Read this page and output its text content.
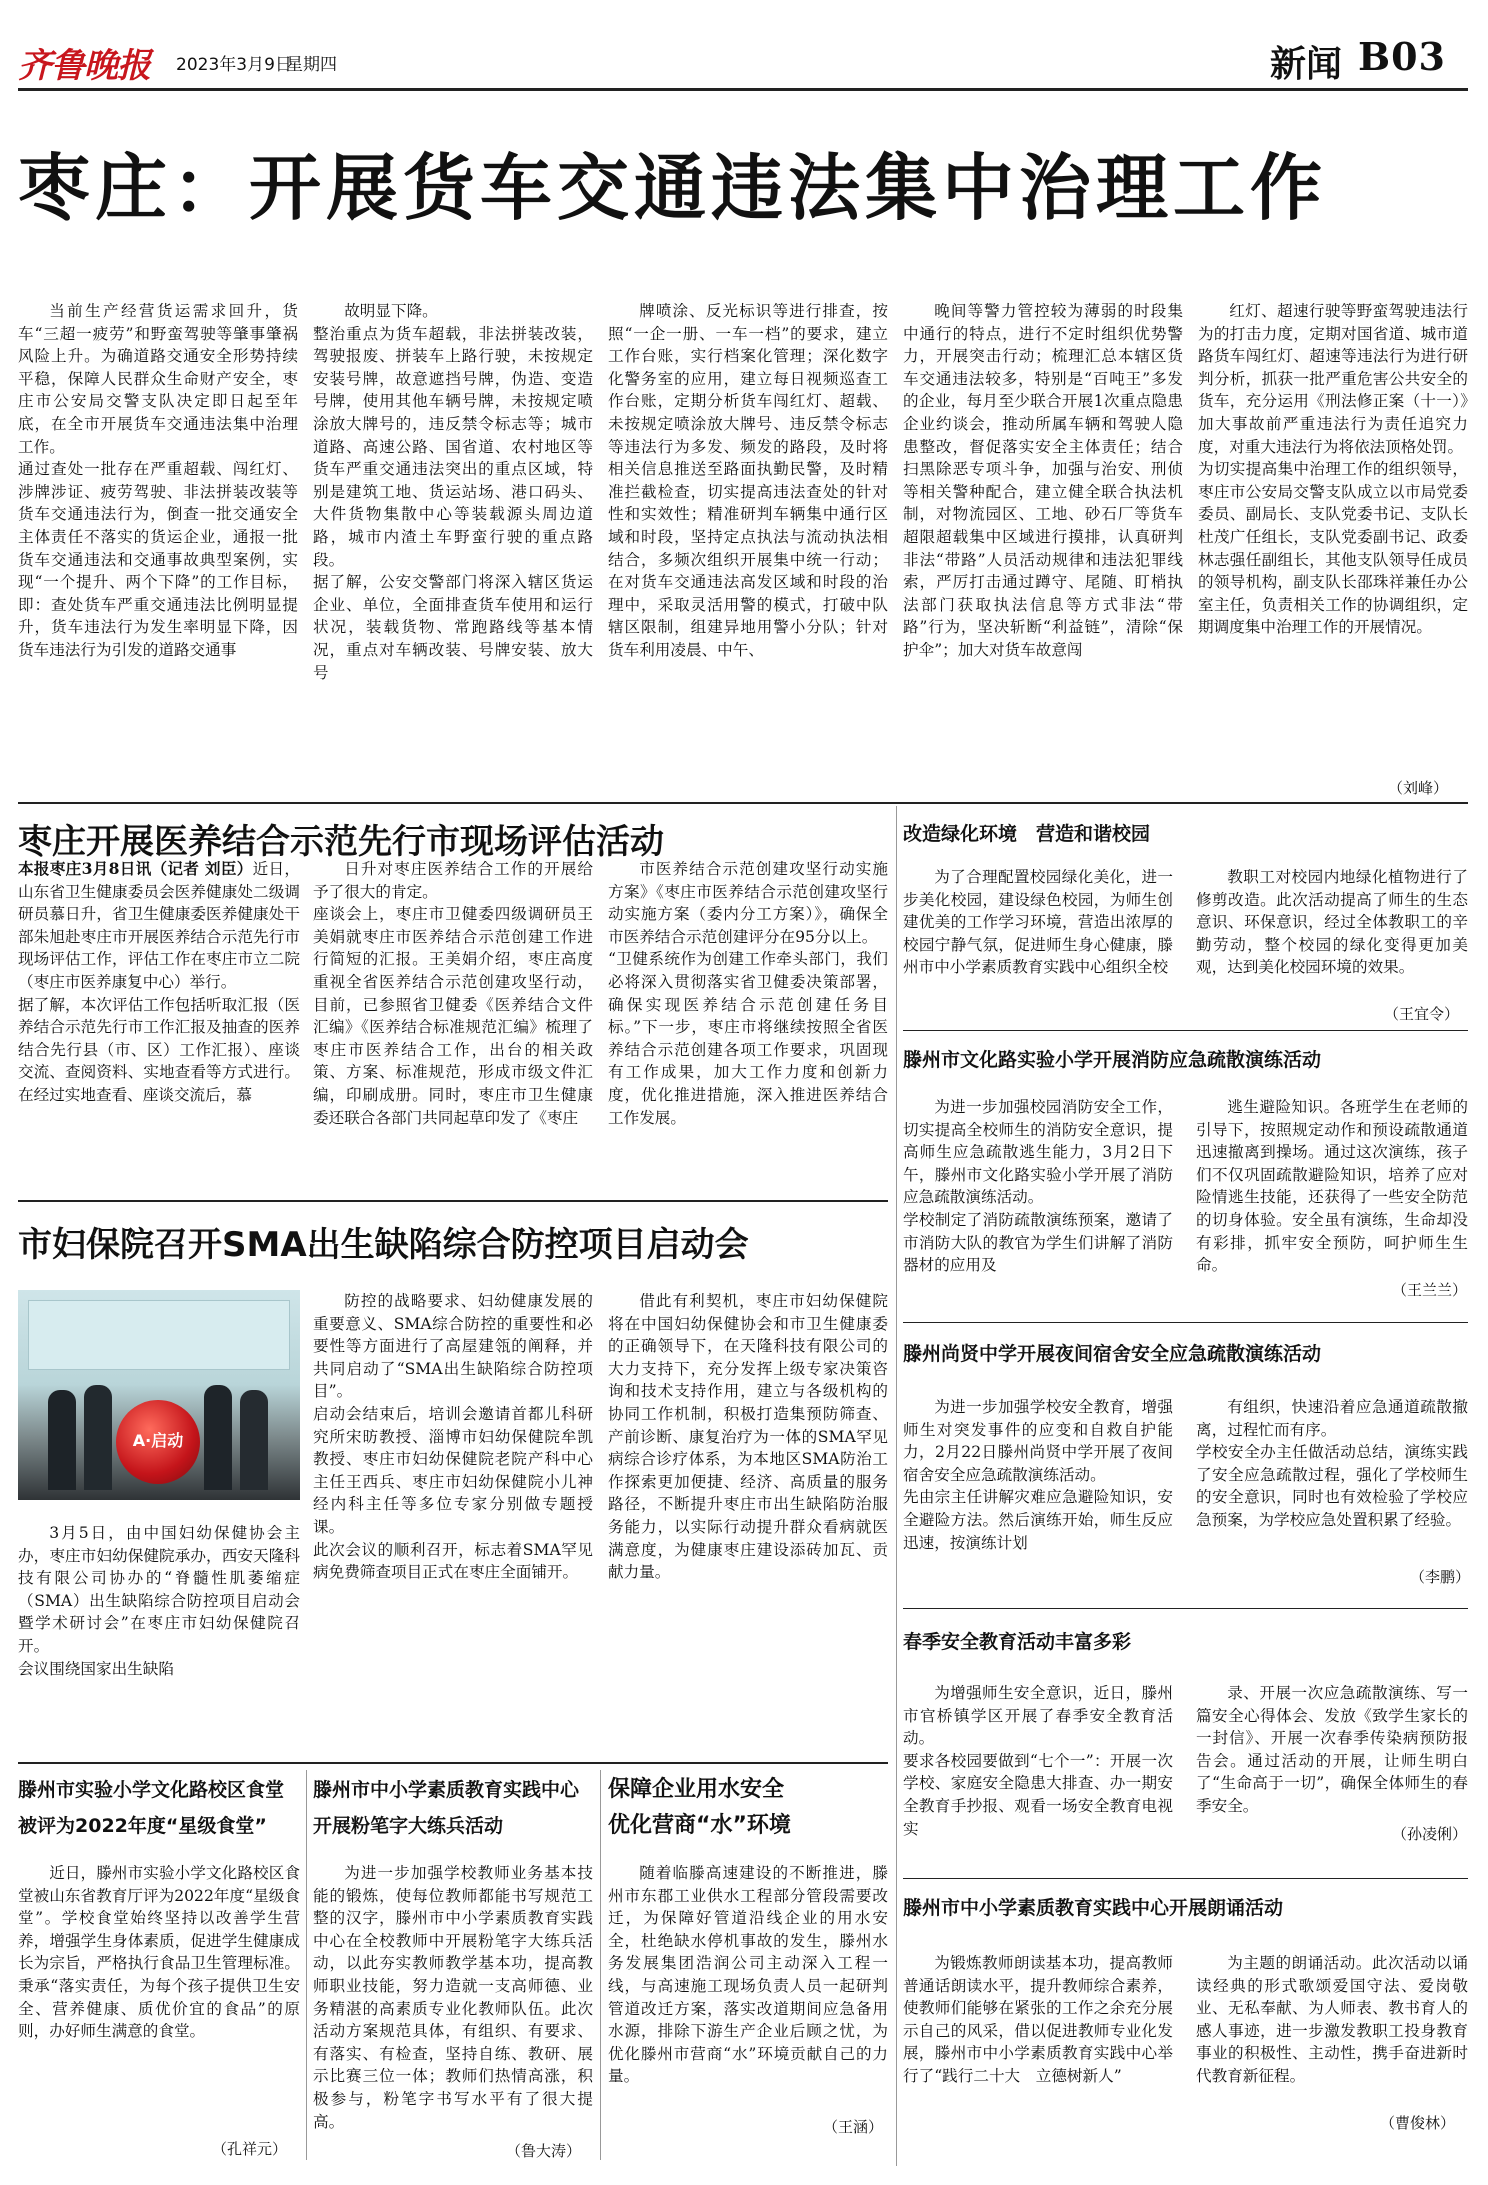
齐鲁晚报 2023年3月9日
星期四	新闻 B03
枣庄：开展货车交通违法集中治理工作
当前生产经营货运需求回升，货车“三超一疲劳”和野蛮驾驶等肇事肇祸风险上升。为确道路交通安全形势持续平稳，保障人民群众生命财产安全，枣庄市公安局交警支队决定即日起至年底，在全市开展货车交通违法集中治理工作。
通过查处一批存在严重超载、闯红灯、涉牌涉证、疲劳驾驶、非法拼装改装等货车交通违法行为，倒查一批交通安全主体责任不落实的货运企业，通报一批货车交通违法和交通事故典型案例，实现“一个提升、两个下降”的工作目标，即：查处货车严重交通违法比例明显提升，货车违法行为发生率明显下降，因货车违法行为引发的道路交通事
故明显下降。
整治重点为货车超载，非法拼装改装，驾驶报废、拼装车上路行驶，未按规定安装号牌，故意遮挡号牌，伪造、变造号牌，使用其他车辆号牌，未按规定喷涂放大牌号的，违反禁令标志等；城市道路、高速公路、国省道、农村地区等货车严重交通违法突出的重点区域，特别是建筑工地、货运站场、港口码头、大件货物集散中心等装载源头周边道路，城市内渣土车野蛮行驶的重点路段。
据了解，公安交警部门将深入辖区货运企业、单位，全面排查货车使用和运行状况，装载货物、常跑路线等基本情况，重点对车辆改装、号牌安装、放大号
牌喷涂、反光标识等进行排查，按照“一企一册、一车一档”的要求，建立工作台账，实行档案化管理；深化数字化警务室的应用，建立每日视频巡查工作台账，定期分析货车闯红灯、超载、未按规定喷涂放大牌号、违反禁令标志等违法行为多发、频发的路段，及时将相关信息推送至路面执勤民警，及时精准拦截检查，切实提高违法查处的针对性和实效性；精准研判车辆集中通行区域和时段，坚持定点执法与流动执法相结合，多频次组织开展集中统一行动；在对货车交通违法高发区域和时段的治理中，采取灵活用警的模式，打破中队辖区限制，组建异地用警小分队；针对货车利用凌晨、中午、
晚间等警力管控较为薄弱的时段集中通行的特点，进行不定时组织优势警力，开展突击行动；梳理汇总本辖区货车交通违法较多，特别是“百吨王”多发的企业，每月至少联合开展1次重点隐患企业约谈会，推动所属车辆和驾驶人隐患整改，督促落实安全主体责任；结合扫黑除恶专项斗争，加强与治安、刑侦等相关警种配合，建立健全联合执法机制，对物流园区、工地、砂石厂等货车超限超载集中区域进行摸排，认真研判非法“带路”人员活动规律和违法犯罪线索，严厉打击通过蹲守、尾随、盯梢执法部门获取执法信息等方式非法“带路”行为，坚决斩断“利益链”，清除“保护伞”；加大对货车故意闯
红灯、超速行驶等野蛮驾驶违法行为的打击力度，定期对国省道、城市道路货车闯红灯、超速等违法行为进行研判分析，抓获一批严重危害公共安全的货车，充分运用《刑法修正案（十一）》加大事故前严重违法行为责任追究力度，对重大违法行为将依法顶格处罚。
为切实提高集中治理工作的组织领导，枣庄市公安局交警支队成立以市局党委委员、副局长、支队党委书记、支队长杜茂广任组长，支队党委副书记、政委林志强任副组长，其他支队领导任成员的领导机构，副支队长邵珠祥兼任办公室主任，负责相关工作的协调组织，定期调度集中治理工作的开展情况。
（刘峰）
枣庄开展医养结合示范先行市现场评估活动
本报枣庄3月8日讯（记者 刘臣）近日，山东省卫生健康委员会医养健康处二级调研员慕日升，省卫生健康委医养健康处干部朱旭赴枣庄市开展医养结合示范先行市现场评估工作，评估工作在枣庄市立二院（枣庄市医养康复中心）举行。
据了解，本次评估工作包括听取汇报（医养结合示范先行市工作汇报及抽查的医养结合先行县（市、区）工作汇报）、座谈交流、查阅资料、实地查看等方式进行。在经过实地查看、座谈交流后，慕
日升对枣庄医养结合工作的开展给予了很大的肯定。
座谈会上，枣庄市卫健委四级调研员王美娟就枣庄市医养结合示范创建工作进行简短的汇报。王美娟介绍，枣庄高度重视全省医养结合示范创建攻坚行动，目前，已参照省卫健委《医养结合文件汇编》《医养结合标准规范汇编》梳理了枣庄市医养结合工作，出台的相关政策、方案、标准规范，形成市级文件汇编，印刷成册。同时，枣庄市卫生健康委还联合各部门共同起草印发了《枣庄
市医养结合示范创建攻坚行动实施方案》《枣庄市医养结合示范创建攻坚行动实施方案（委内分工方案）》，确保全市医养结合示范创建评分在95分以上。
“卫健系统作为创建工作牵头部门，我们必将深入贯彻落实省卫健委决策部署，确保实现医养结合示范创建任务目标。”下一步，枣庄市将继续按照全省医养结合示范创建各项工作要求，巩固现有工作成果，加大工作力度和创新力度，优化推进措施，深入推进医养结合工作发展。
市妇保院召开SMA出生缺陷综合防控项目启动会
A·启动
3月5日，由中国妇幼保健协会主办，枣庄市妇幼保健院承办，西安天隆科技有限公司协办的“脊髓性肌萎缩症（SMA）出生缺陷综合防控项目启动会暨学术研讨会”在枣庄市妇幼保健院召开。
会议围绕国家出生缺陷
防控的战略要求、妇幼健康发展的重要意义、SMA综合防控的重要性和必要性等方面进行了高屋建瓴的阐释，并共同启动了“SMA出生缺陷综合防控项目”。
启动会结束后，培训会邀请首都儿科研究所宋昉教授、淄博市妇幼保健院牟凯教授、枣庄市妇幼保健院老院产科中心主任王西兵、枣庄市妇幼保健院小儿神经内科主任等多位专家分别做专题授课。
此次会议的顺利召开，标志着SMA罕见病免费筛查项目正式在枣庄全面铺开。
借此有利契机，枣庄市妇幼保健院将在中国妇幼保健协会和市卫生健康委的正确领导下，在天隆科技有限公司的大力支持下，充分发挥上级专家决策咨询和技术支持作用，建立与各级机构的协同工作机制，积极打造集预防筛查、产前诊断、康复治疗为一体的SMA罕见病综合诊疗体系，为本地区SMA防治工作探索更加便捷、经济、高质量的服务路径，不断提升枣庄市出生缺陷防治服务能力，以实际行动提升群众看病就医满意度，为健康枣庄建设添砖加瓦、贡献力量。
滕州市实验小学文化路校区食堂
被评为2022年度“星级食堂”
近日，滕州市实验小学文化路校区食堂被山东省教育厅评为2022年度“星级食堂”。学校食堂始终坚持以改善学生营养，增强学生身体素质，促进学生健康成长为宗旨，严格执行食品卫生管理标准。秉承“落实责任，为每个孩子提供卫生安全、营养健康、质优价宜的食品”的原则，办好师生满意的食堂。
（孔祥元）
滕州市中小学素质教育实践中心
开展粉笔字大练兵活动
为进一步加强学校教师业务基本技能的锻炼，使每位教师都能书写规范工整的汉字，滕州市中小学素质教育实践中心在全校教师中开展粉笔字大练兵活动，以此夯实教师教学基本功，提高教师职业技能，努力造就一支高师德、业务精湛的高素质专业化教师队伍。此次活动方案规范具体，有组织、有要求、有落实、有检查，坚持自练、教研、展示比赛三位一体；教师们热情高涨，积极参与，粉笔字书写水平有了很大提高。
（鲁大涛）
保障企业用水安全
优化营商“水”环境
随着临滕高速建设的不断推进，滕州市东郡工业供水工程部分管段需要改迁，为保障好管道沿线企业的用水安全，杜绝缺水停机事故的发生，滕州水务发展集团浩润公司主动深入工程一线，与高速施工现场负责人员一起研判管道改迁方案，落实改道期间应急备用水源，排除下游生产企业后顾之忧，为优化滕州市营商“水”环境贡献自己的力量。
（王涵）
改造绿化环境　营造和谐校园
为了合理配置校园绿化美化，进一步美化校园，建设绿色校园，为师生创建优美的工作学习环境，营造出浓厚的校园宁静气氛，促进师生身心健康，滕州市中小学素质教育实践中心组织全校
教职工对校园内地绿化植物进行了修剪改造。此次活动提高了师生的生态意识、环保意识，经过全体教职工的辛勤劳动，整个校园的绿化变得更加美观，达到美化校园环境的效果。
（王宜令）
滕州市文化路实验小学开展消防应急疏散演练活动
为进一步加强校园消防安全工作，切实提高全校师生的消防安全意识，提高师生应急疏散逃生能力，3月2日下午，滕州市文化路实验小学开展了消防应急疏散演练活动。
学校制定了消防疏散演练预案，邀请了市消防大队的教官为学生们讲解了消防器材的应用及
逃生避险知识。各班学生在老师的引导下，按照规定动作和预设疏散通道迅速撤离到操场。通过这次演练，孩子们不仅巩固疏散避险知识，培养了应对险情逃生技能，还获得了一些安全防范的切身体验。安全虽有演练，生命却没有彩排，抓牢安全预防，呵护师生生命。
（王兰兰）
滕州尚贤中学开展夜间宿舍安全应急疏散演练活动
为进一步加强学校安全教育，增强师生对突发事件的应变和自救自护能力，2月22日滕州尚贤中学开展了夜间宿舍安全应急疏散演练活动。
先由宗主任讲解灾难应急避险知识，安全避险方法。然后演练开始，师生反应迅速，按演练计划
有组织，快速沿着应急通道疏散撤离，过程忙而有序。
学校安全办主任做活动总结，演练实践了安全应急疏散过程，强化了学校师生的安全意识，同时也有效检验了学校应急预案，为学校应急处置积累了经验。
（李鹏）
春季安全教育活动丰富多彩
为增强师生安全意识，近日，滕州市官桥镇学区开展了春季安全教育活动。
要求各校园要做到“七个一”：开展一次学校、家庭安全隐患大排查、办一期安全教育手抄报、观看一场安全教育电视实
录、开展一次应急疏散演练、写一篇安全心得体会、发放《致学生家长的一封信》、开展一次春季传染病预防报告会。通过活动的开展，让师生明白了“生命高于一切”，确保全体师生的春季安全。
（孙凌俐）
滕州市中小学素质教育实践中心开展朗诵活动
为锻炼教师朗读基本功，提高教师普通话朗读水平，提升教师综合素养，使教师们能够在紧张的工作之余充分展示自己的风采，借以促进教师专业化发展，滕州市中小学素质教育实践中心举行了“践行二十大　立德树新人”
为主题的朗诵活动。此次活动以诵读经典的形式歌颂爱国守法、爱岗敬业、无私奉献、为人师表、教书育人的感人事迹，进一步激发教职工投身教育事业的积极性、主动性，携手奋进新时代教育新征程。
（曹俊林）
